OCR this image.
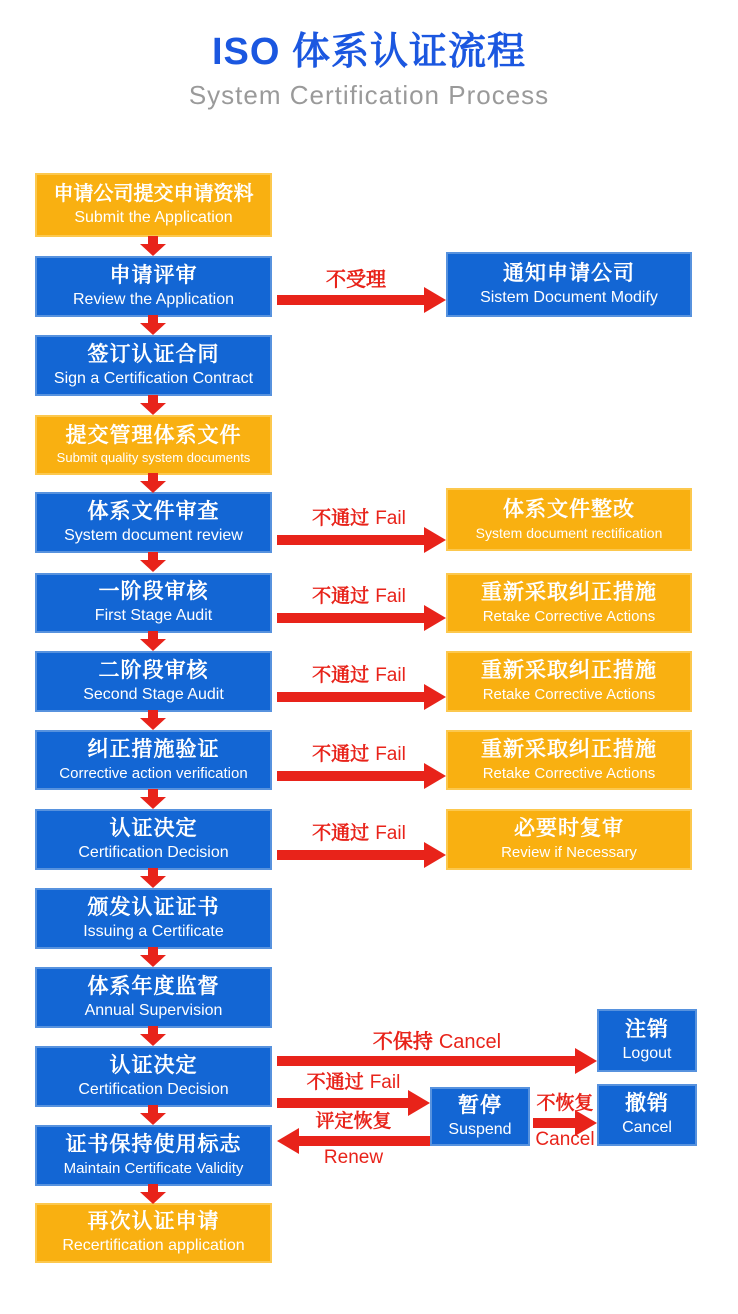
ISO 体系认证流程
System Certification Process
申请公司提交申请资料
Submit the Application
申请评审
Review the Application
签订认证合同
Sign a Certification Contract
提交管理体系文件
Submit quality system documents
体系文件审查
System document review
一阶段审核
First Stage Audit
二阶段审核
Second Stage Audit
纠正措施验证
Corrective action verification
认证决定
Certification Decision
颁发认证证书
Issuing a Certificate
体系年度监督
Annual Supervision
认证决定
Certification Decision
证书保持使用标志
Maintain Certificate Validity
再次认证申请
Recertification application
不受理
不通过 Fail
不通过 Fail
不通过 Fail
不通过 Fail
不通过 Fail
通知申请公司
Sistem Document Modify
体系文件整改
System document rectification
重新采取纠正措施
Retake Corrective Actions
重新采取纠正措施
Retake Corrective Actions
重新采取纠正措施
Retake Corrective Actions
必要时复审
Review if Necessary
不保持 Cancel
不通过 Fail
不恢复
Cancel
评定恢复
Renew
注销
Logout
暂停
Suspend
撤销
Cancel
